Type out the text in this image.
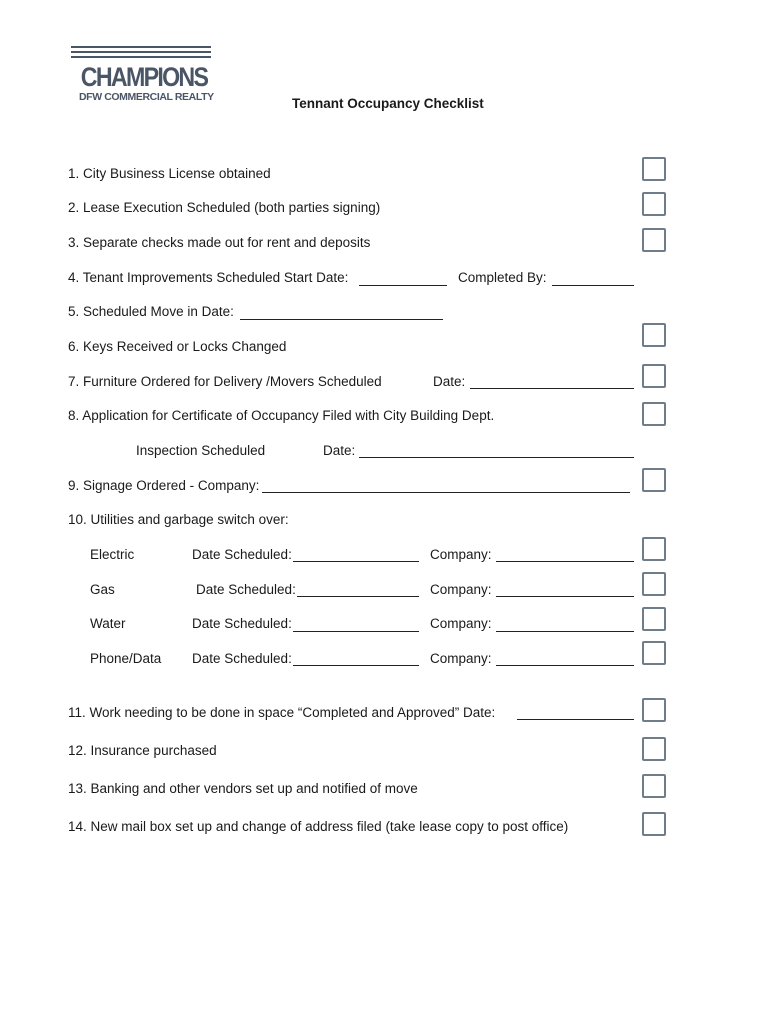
CHAMPIONS
DFW COMMERCIAL REALTY	Tennant Occupancy Checklist
1. City Business License obtained
2. Lease Execution Scheduled (both parties signing)
3. Separate checks made out for rent and deposits
4. Tenant Improvements Scheduled Start Date:	Completed By:
5. Scheduled Move in Date:
6. Keys Received or Locks Changed
7. Furniture Ordered for Delivery /Movers Scheduled	Date:
8. Application for Certificate of Occupancy Filed with City Building Dept.
Inspection Scheduled	Date:
9. Signage Ordered - Company:
10. Utilities and garbage switch over:
Electric	Date Scheduled:	Company:
Gas	Date Scheduled:	Company:
Water	Date Scheduled:	Company:
Phone/Data Date Scheduled:	Company:
11. Work needing to be done in space “Completed and Approved” Date:
12. Insurance purchased
13. Banking and other vendors set up and notified of move
14. New mail box set up and change of address filed (take lease copy to post office)
